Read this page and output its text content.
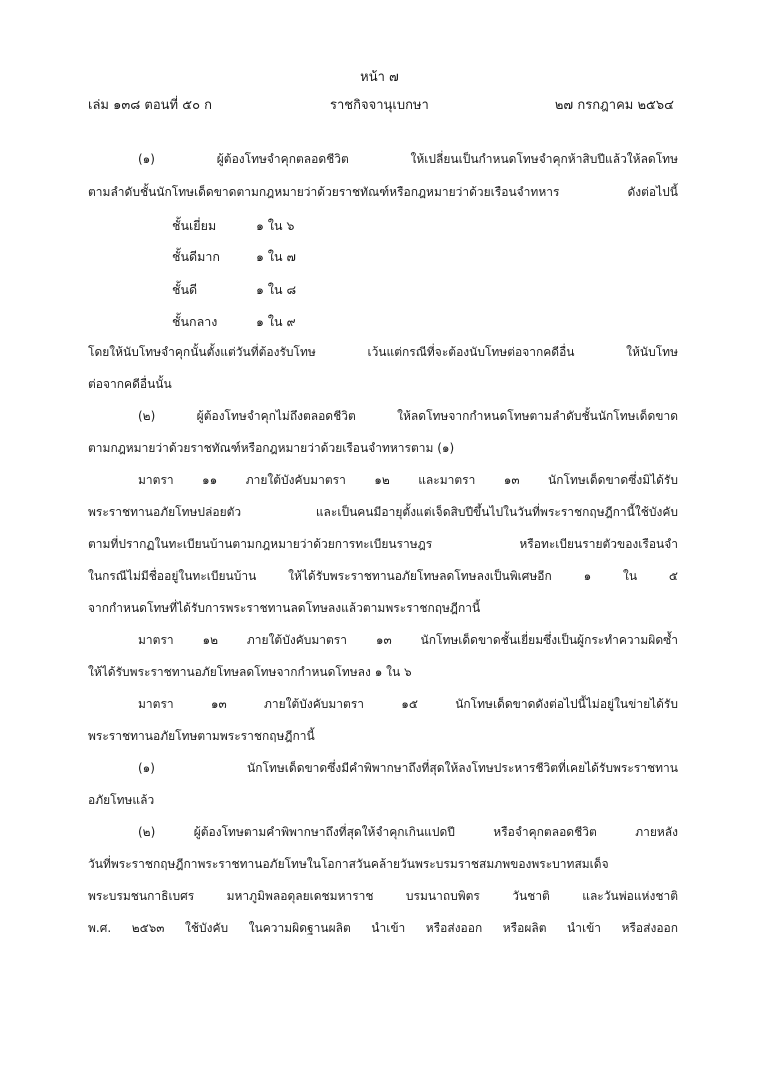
หน้า ๗
เล่ม ๑๓๘ ตอนที่ ๕๐ ก	ราชกิจจานุเบกษา	๒๗ กรกฎาคม ๒๕๖๔
(๑) ผู้ต้องโทษจำคุกตลอดชีวิต ให้เปลี่ยนเป็นกำหนดโทษจำคุกห้าสิบปีแล้วให้ลดโทษ
ตามลำดับชั้นนักโทษเด็ดขาดตามกฎหมายว่าด้วยราชทัณฑ์หรือกฎหมายว่าด้วยเรือนจำทหาร ดังต่อไปนี้
ชั้นเยี่ยม	๑ ใน ๖
ชั้นดีมาก	๑ ใน ๗
ชั้นดี	๑ ใน ๘
ชั้นกลาง	๑ ใน ๙
โดยให้นับโทษจำคุกนั้นตั้งแต่วันที่ต้องรับโทษ เว้นแต่กรณีที่จะต้องนับโทษต่อจากคดีอื่น ให้นับโทษ
ต่อจากคดีอื่นนั้น
(๒) ผู้ต้องโทษจำคุกไม่ถึงตลอดชีวิต ให้ลดโทษจากกำหนดโทษตามลำดับชั้นนักโทษเด็ดขาด
ตามกฎหมายว่าด้วยราชทัณฑ์หรือกฎหมายว่าด้วยเรือนจำทหารตาม (๑)
มาตรา ๑๑ ภายใต้บังคับมาตรา ๑๒ และมาตรา ๑๓ นักโทษเด็ดขาดซึ่งมิได้รับ
พระราชทานอภัยโทษปล่อยตัว และเป็นคนมีอายุตั้งแต่เจ็ดสิบปีขึ้นไปในวันที่พระราชกฤษฎีกานี้ใช้บังคับ
ตามที่ปรากฏในทะเบียนบ้านตามกฎหมายว่าด้วยการทะเบียนราษฎร หรือทะเบียนรายตัวของเรือนจำ
ในกรณีไม่มีชื่ออยู่ในทะเบียนบ้าน ให้ได้รับพระราชทานอภัยโทษลดโทษลงเป็นพิเศษอีก ๑ ใน ๕
จากกำหนดโทษที่ได้รับการพระราชทานลดโทษลงแล้วตามพระราชกฤษฎีกานี้
มาตรา ๑๒ ภายใต้บังคับมาตรา ๑๓ นักโทษเด็ดขาดชั้นเยี่ยมซึ่งเป็นผู้กระทำความผิดซ้ำ
ให้ได้รับพระราชทานอภัยโทษลดโทษจากกำหนดโทษลง ๑ ใน ๖
มาตรา ๑๓ ภายใต้บังคับมาตรา ๑๕ นักโทษเด็ดขาดดังต่อไปนี้ไม่อยู่ในข่ายได้รับ
พระราชทานอภัยโทษตามพระราชกฤษฎีกานี้
(๑) นักโทษเด็ดขาดซึ่งมีคำพิพากษาถึงที่สุดให้ลงโทษประหารชีวิตที่เคยได้รับพระราชทาน
อภัยโทษแล้ว
(๒) ผู้ต้องโทษตามคำพิพากษาถึงที่สุดให้จำคุกเกินแปดปี หรือจำคุกตลอดชีวิต ภายหลัง
วันที่พระราชกฤษฎีกาพระราชทานอภัยโทษในโอกาสวันคล้ายวันพระบรมราชสมภพของพระบาทสมเด็จ
พระบรมชนกาธิเบศร มหาภูมิพลอดุลยเดชมหาราช บรมนาถบพิตร วันชาติ และวันพ่อแห่งชาติ
พ.ศ. ๒๕๖๓ ใช้บังคับ ในความผิดฐานผลิต นำเข้า หรือส่งออก หรือผลิต นำเข้า หรือส่งออก
